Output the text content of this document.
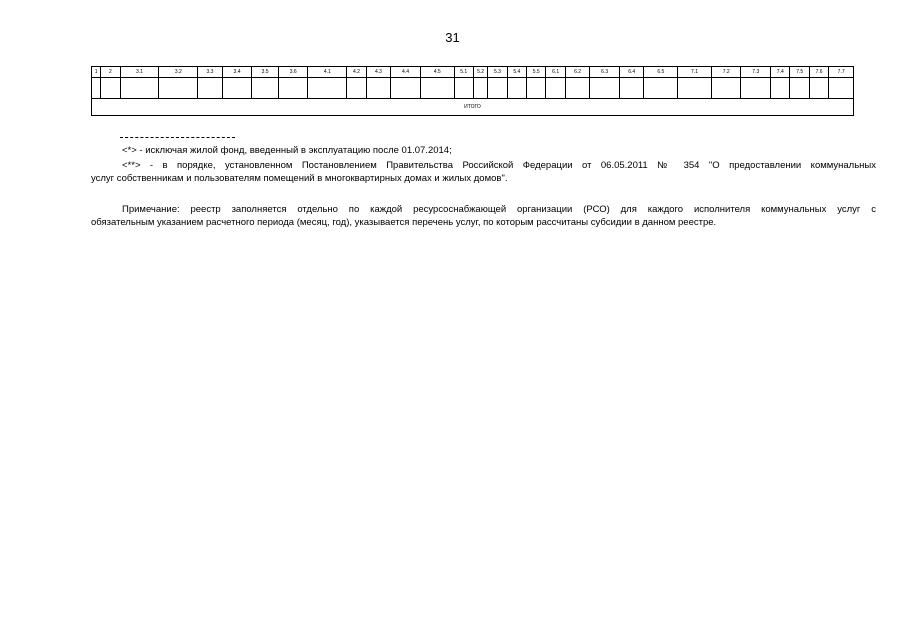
31
1	2	3.1	3.2	3.3	3.4	3.5	3.6	4.1	4.2	4.3	4.4	4.5	5.1	5.2	5.3	5.4	5.5	6.1	6.2	6.3	6.4	6.5	7.1	7.2	7.3	7.4	7.5	7.6	7.7

ИТОГО																													
<*> - исключая жилой фонд, введенный в эксплуатацию после 01.07.2014;
<**> - в порядке, установленном Постановлением Правительства Российской Федерации от 06.05.2011 № 354 "О предоставлении коммунальных
услуг собственникам и пользователям помещений в многоквартирных домах и жилых домов".
Примечание: реестр заполняется отдельно по каждой ресурсоснабжающей организации (РСО) для каждого исполнителя коммунальных услуг с
обязательным указанием расчетного периода (месяц, год), указывается перечень услуг, по которым рассчитаны субсидии в данном реестре.
